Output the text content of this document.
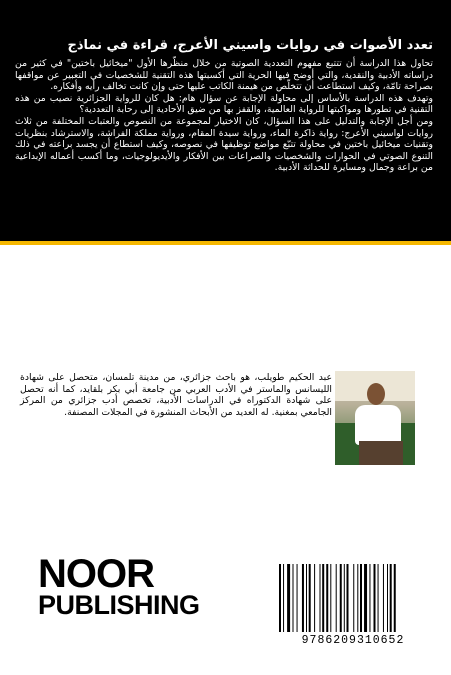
تعدد الأصوات في روايات واسيني الأعرج، قراءة في نماذج

تحاول هذا الدراسة أن تتتبع مفهوم التعددية الصوتية من خلال منظّرها الأول "ميخائيل باختين" في كثير من دراساته الأدبية والنقدية، والتي أوضح فيها الحرية التي أكسبتها هذه التقنية للشخصيات في التعبير عن مواقفها بصراحة تامّة، وكيف استطاعت أن تتخلّص من هيمنة الكاتب عليها حتى وإن كانت تخالف رأيه وأفكاره.

وتهدف هذه الدراسة بالأساس إلى محاولة الإجابة عن سؤال هام: هل كان للرواية الجزائرية نصيب من هذه التقنية في تطورها ومواكبتها للرواية العالمية، والقفز بها من ضيق الأحادية إلى رحابة التعددية؟

ومن أجل الإجابة والتدليل على هذا السؤال، كان الاختيار لمجموعة من النصوص والعتبات المختلفة من ثلاث روايات لواسيني الأعرج: رواية ذاكرة الماء، ورواية سيدة المقام، ورواية مملكة الفراشة، والاسترشاد بنظريات وتقنيات ميخائيل باختين في محاولة تتبّع مواضع توظيفها في نصوصه، وكيف استطاع أن يجسد براعته في ذلك التنوع الصوتي في الحوارات والشخصيات والصراعات بين الأفكار والأيديولوجيات، وما أكسب أعماله الإبداعية من براعة وجمال ومسايرة للحداثة الأدبية.

عبد الحكيم طويلب، هو باحث جزائري، من مدينة تلمسان، متحصل على شهادة الليسانس والماستر في الأدب العربي من جامعة أبي بكر بلقايد، كما أنه تحصل على شهادة الدكتوراه في الدراسات الأدبية، تخصص أدب جزائري من المركز الجامعي بمغنية. له العديد من الأبحاث المنشورة في المجلات المصنفة.
NOOR
PUBLISHING
9786209310652
